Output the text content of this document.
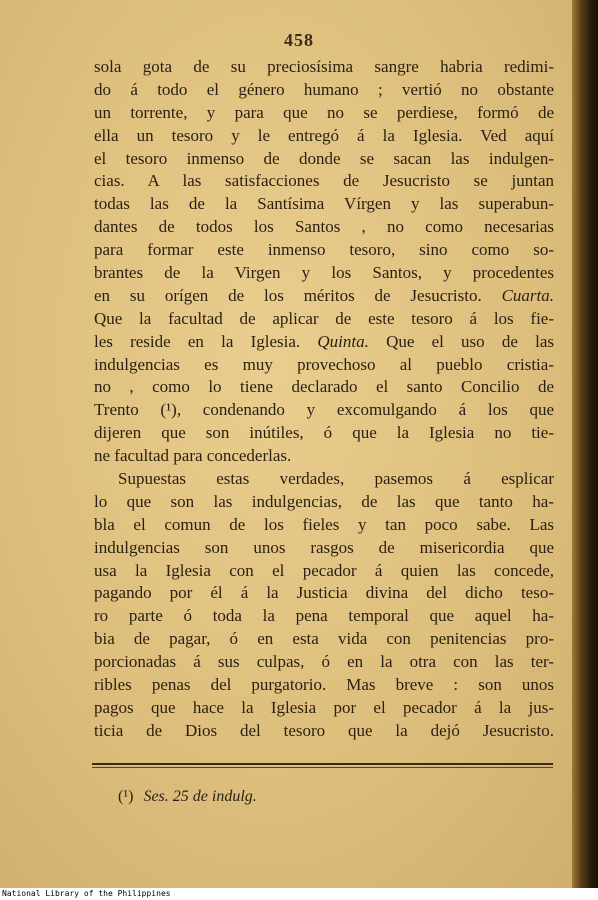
458
sola gota de su preciosísima sangre habria redimi-
do á todo el género humano ; vertió no obstante
un torrente, y para que no se perdiese, formó de
ella un tesoro y le entregó á la Iglesia. Ved aquí
el tesoro inmenso de donde se sacan las indulgen-
cias. A las satisfacciones de Jesucristo se juntan
todas las de la Santísima Vírgen y las superabun-
dantes de todos los Santos , no como necesarias
para formar este inmenso tesoro, sino como so-
brantes de la Virgen y los Santos, y procedentes
en su orígen de los méritos de Jesucristo. Cuarta.
Que la facultad de aplicar de este tesoro á los fie-
les reside en la Iglesia. Quinta. Que el uso de las
indulgencias es muy provechoso al pueblo cristia-
no , como lo tiene declarado el santo Concilio de
Trento (¹), condenando y excomulgando á los que
dijeren que son inútiles, ó que la Iglesia no tie-
ne facultad para concederlas.
Supuestas estas verdades, pasemos á esplicar
lo que son las indulgencias, de las que tanto ha-
bla el comun de los fieles y tan poco sabe. Las
indulgencias son unos rasgos de misericordia que
usa la Iglesia con el pecador á quien las concede,
pagando por él á la Justicia divina del dicho teso-
ro parte ó toda la pena temporal que aquel ha-
bia de pagar, ó en esta vida con penitencias pro-
porcionadas á sus culpas, ó en la otra con las ter-
ribles penas del purgatorio. Mas breve : son unos
pagos que hace la Iglesia por el pecador á la jus-
ticia de Dios del tesoro que la dejó Jesucristo.
(¹) Ses. 25 de indulg.
National Library of the Philippines
